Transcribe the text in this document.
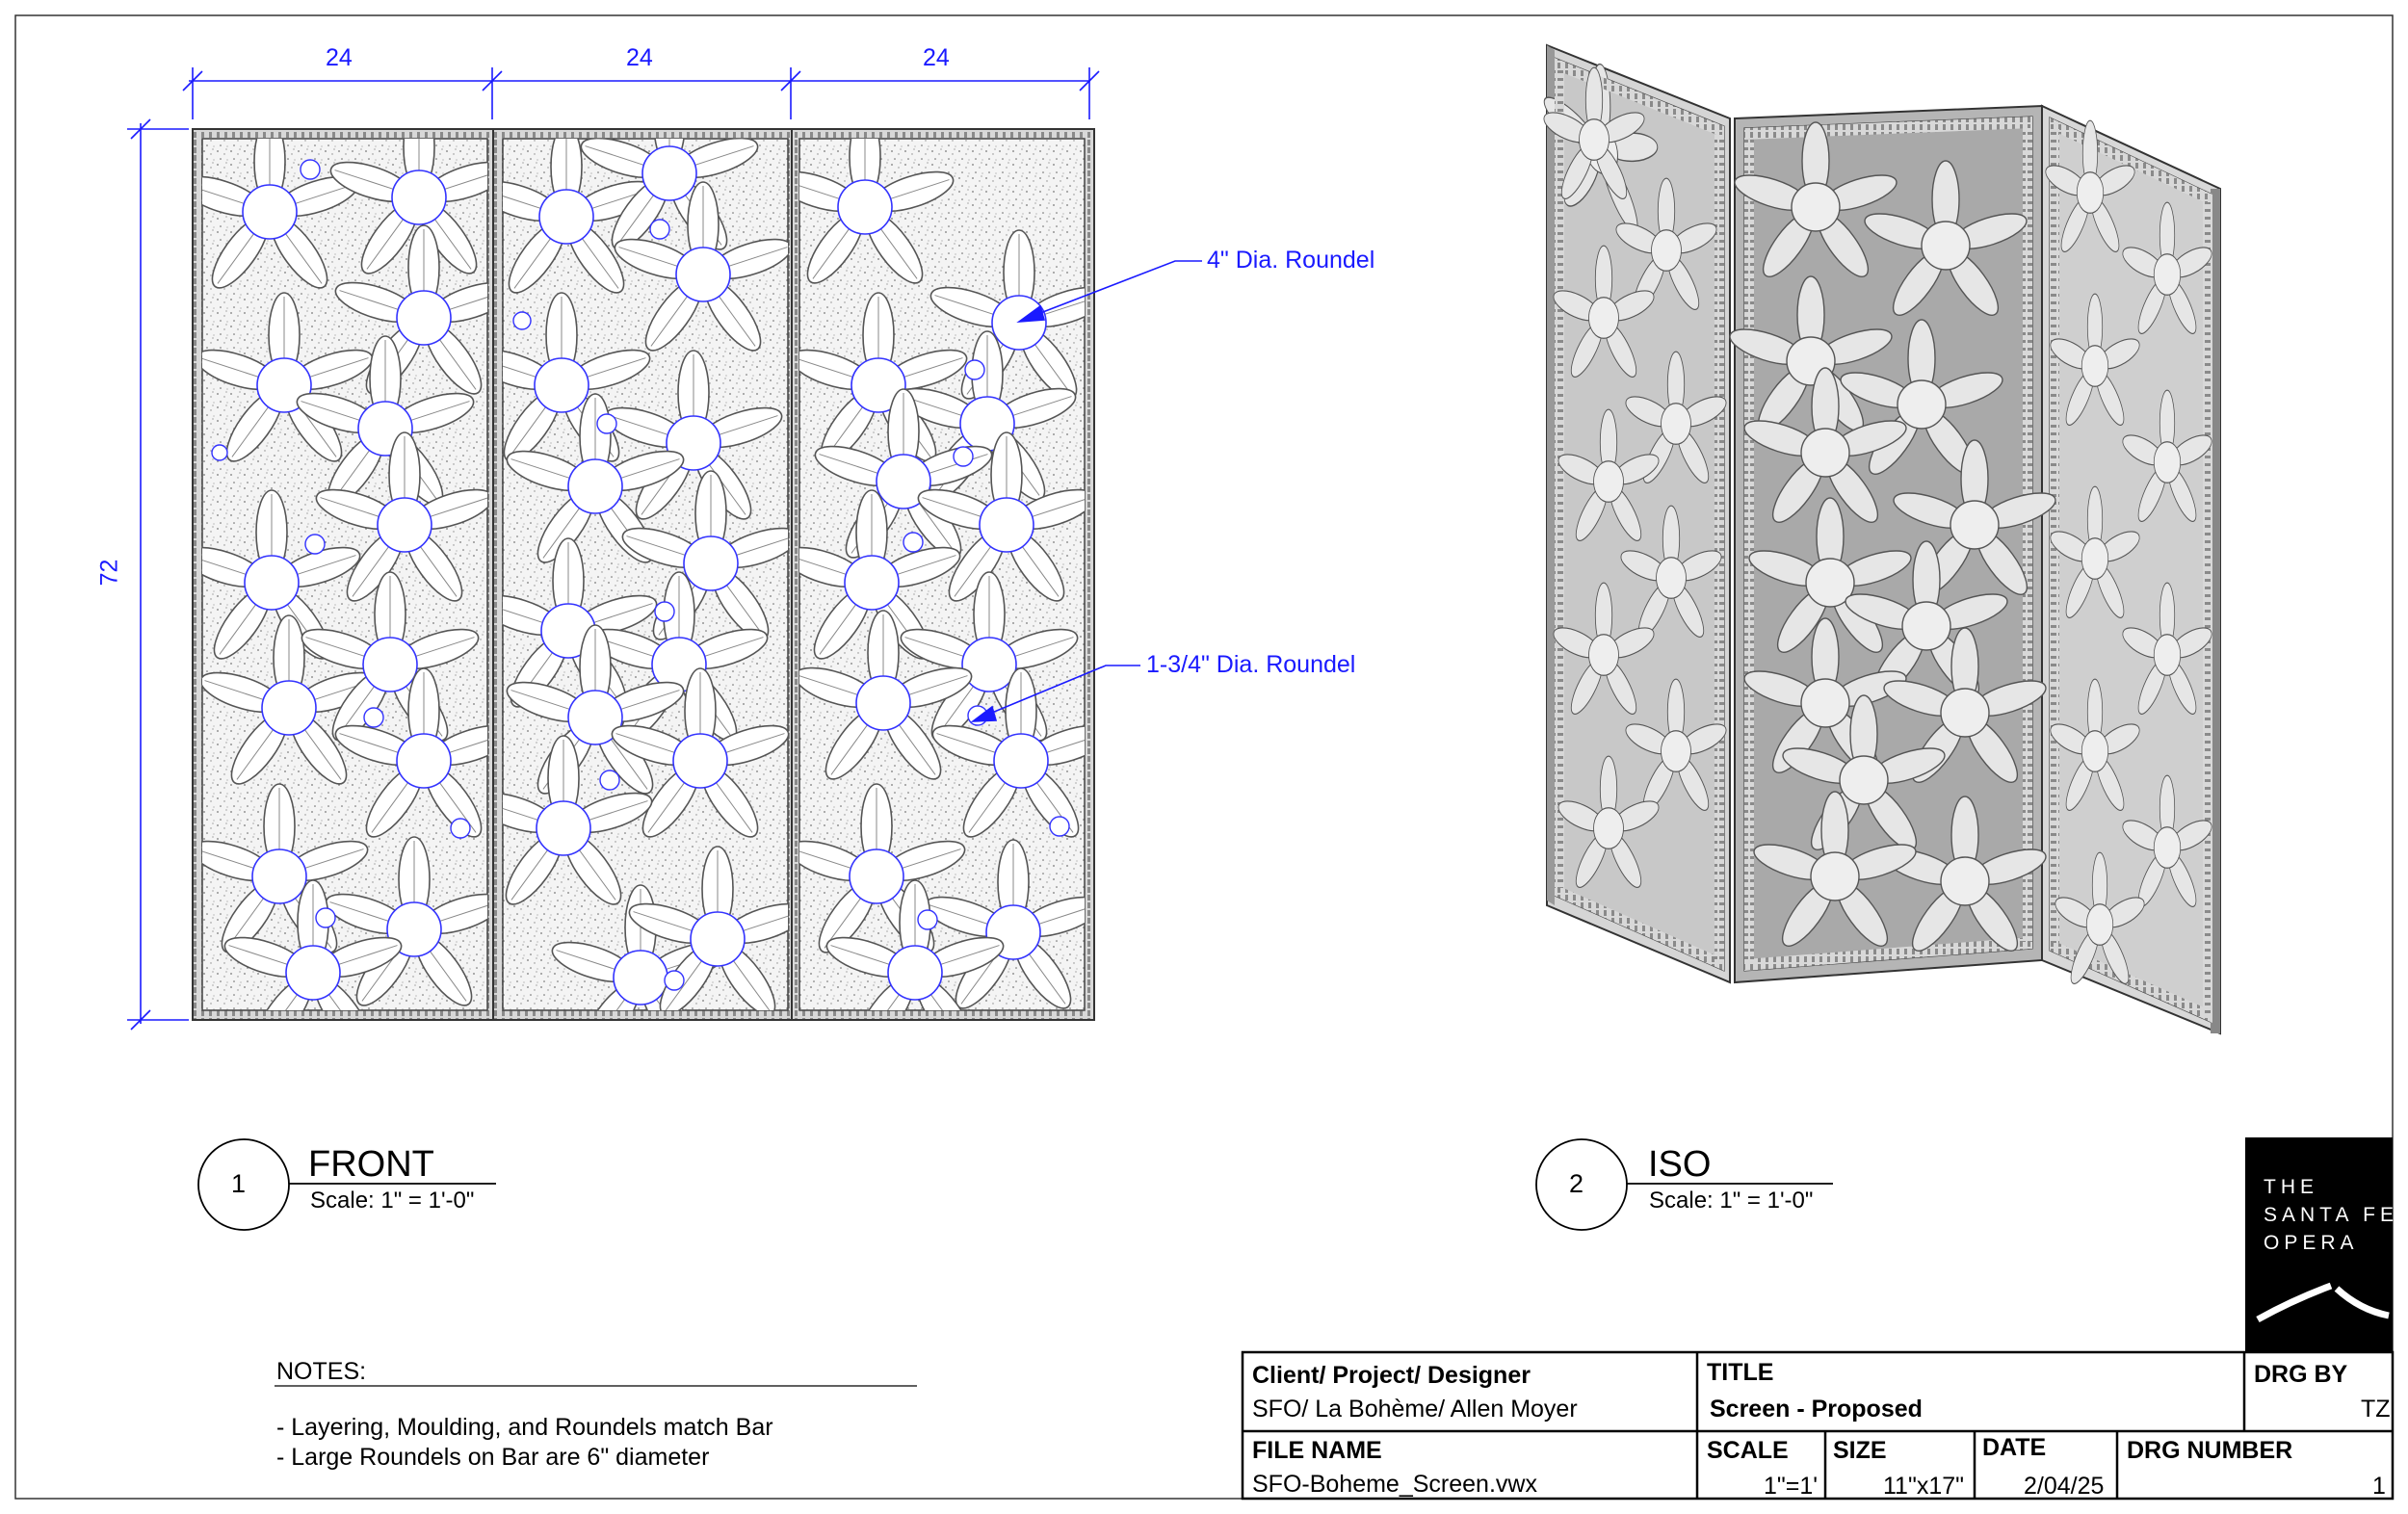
24	24	24
72
4" Dia. Roundel
1-3/4" Dia. Roundel
1 FRONT
Scale: 1" = 1'-0"
2 ISO
Scale: 1" = 1'-0"
NOTES:
- Layering, Moulding, and Roundels match Bar
- Large Roundels on Bar are 6" diameter
THE
SANTA FE
OPERA
Client/ Project/ Designer
SFO/ La Bohème/ Allen Moyer
TITLE
Screen - Proposed
DRG BY
TZ
FILE NAME
SFO-Boheme_Screen.vwx
SCALE
1"=1'
SIZE
11"x17"
DATE
2/04/25
DRG NUMBER
1
